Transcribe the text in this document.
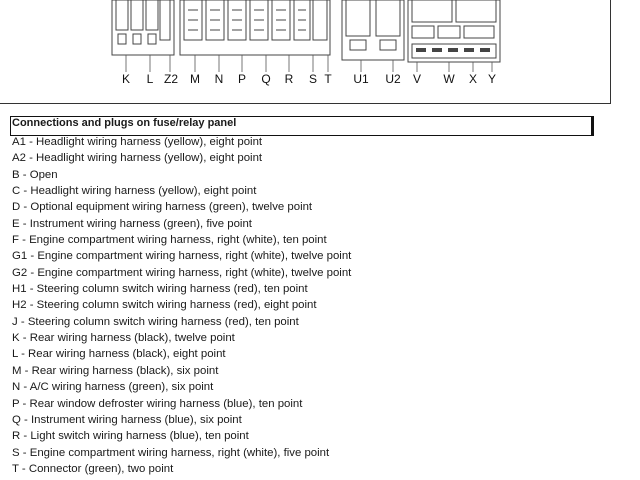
K L Z2 M N P Q R S T U1 U2 V W X Y
Connections and plugs on fuse/relay panel
A1 - Headlight wiring harness (yellow), eight point
A2 - Headlight wiring harness (yellow), eight point
B - Open
C - Headlight wiring harness (yellow), eight point
D - Optional equipment wiring harness (green), twelve point
E - Instrument wiring harness (green), five point
F - Engine compartment wiring harness, right (white), ten point
G1 - Engine compartment wiring harness, right (white), twelve point
G2 - Engine compartment wiring harness, right (white), twelve point
H1 - Steering column switch wiring harness (red), ten point
H2 - Steering column switch wiring harness (red), eight point
J - Steering column switch wiring harness (red), ten point
K - Rear wiring harness (black), twelve point
L - Rear wiring harness (black), eight point
M - Rear wiring harness (black), six point
N - A/C wiring harness (green), six point
P - Rear window defroster wiring harness (blue), ten point
Q - Instrument wiring harness (blue), six point
R - Light switch wiring harness (blue), ten point
S - Engine compartment wiring harness, right (white), five point
T - Connector (green), two point
